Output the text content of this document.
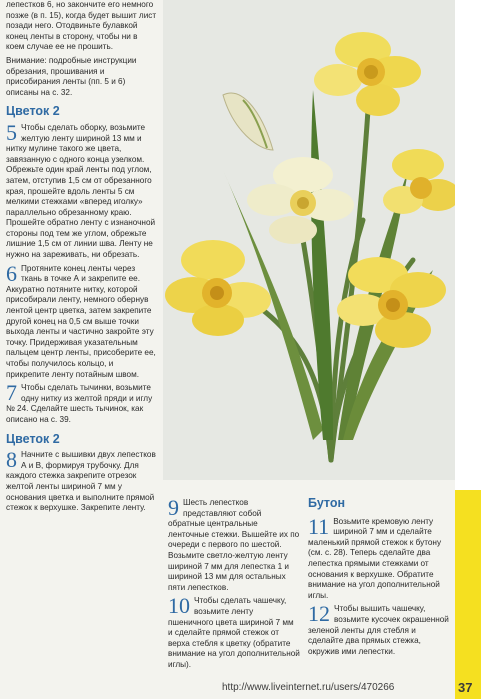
лепестков 6, но закончите его немного позже (в п. 15), когда будет вышит лист позади него. Отодвиньте булавкой конец ленты в сторону, чтобы ни в коем случае ее не прошить.

Внимание: подробные инструкции обрезания, прошивания и присобирания ленты (пп. 5 и 6) описаны на с. 32.

Цветок 2
5 Чтобы сделать оборку, возьмите желтую ленту шириной 13 мм и нитку мулине такого же цвета, завязанную с одного конца узелком. Обрежьте один край ленты под углом, затем, отступив 1,5 см от обрезанного края, прошейте вдоль ленты 5 см мелкими стежками «вперед иголку» параллельно обрезанному краю. Прошейте обратно ленту с изнаночной стороны под тем же углом, обрежьте лишние 1,5 см от линии шва. Ленту не нужно на зареживать, ни обрезать.
6 Протяните конец ленты через ткань в точке А и закрепите ее. Аккуратно потяните нитку, которой присобирали ленту, немного обернув лентой центр цветка, затем закрепите другой конец на 0,5 см выше точки выхода ленты и частично закройте эту точку. Придерживая указательным пальцем центр ленты, присоберите ее, чтобы получилось кольцо, и прикрепите ленту потайным швом.
7 Чтобы сделать тычинки, возьмите одну нитку из желтой пряди и иглу № 24. Сделайте шесть тычинок, как описано на с. 39.
Цветок 2
8 Начните с вышивки двух лепестков А и В, формируя трубочку. Для каждого стежка закрепите отрезок желтой ленты шириной 7 мм у основания цветка и выполните прямой стежок к верхушке. Закрепите ленту.	9 Шесть лепестков представляют собой обратные центральные ленточные стежки. Вышейте их по очереди с первого по шестой. Возьмите светло-желтую ленту шириной 7 мм для лепестка 1 и шириной 13 мм для остальных пяти лепестков.
10 Чтобы сделать чашечку, возьмите ленту пшеничного цвета шириной 7 мм и сделайте прямой стежок от верха стебля к цветку (обратите внимание на угол дополнительной иглы).
Бутон
11 Возьмите кремовую ленту шириной 7 мм и сделайте маленький прямой стежок к бутону (см. с. 28). Теперь сделайте два лепестка прямыми стежками от основания к верхушке. Обратите внимание на угол дополнительной иглы.
12 Чтобы вышить чашечку, возьмите кусочек окрашенной зеленой ленты для стебля и сделайте два прямых стежка, окружив ими лепестки.
http://www.liveinternet.ru/users/470266	37
